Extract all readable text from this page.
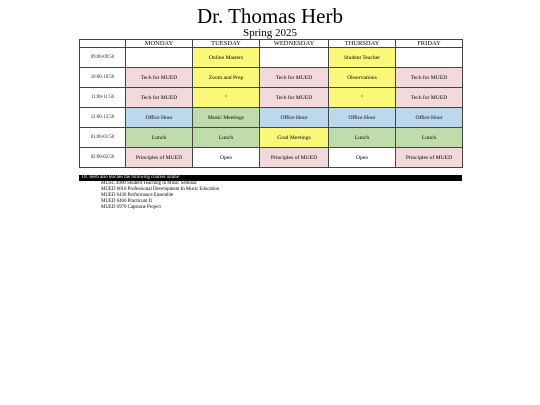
Dr. Thomas Herb
Spring 2025
	MONDAY	TUESDAY	WEDNESDAY	THURSDAY	FRIDAY
09:00-09:50		Online Masters		Student Teacher	
10:00-10:50	Tech for MUED	Zoom and Prep	Tech for MUED	Observations	Tech for MUED
11:00-11:50	Tech for MUED	"	Tech for MUED	"	Tech for MUED
12:00-12:50	Office Hour	Music Meetings	Office Hour	Office Hour	Office Hour
01:00-01:50	Lunch	Lunch	Grad Meetings	Lunch	Lunch
02:00-02:50	Principles of MUED	Open	Principles of MUED	Open	Principles of MUED
Dr. Herb also teaches the following courses online:
MUSC 4900 Student Teaching in Music Seminar
MUED 6010 Professional Development In Music Education
MUED 6430 Performance Ensemble
MUED 6460 Practicum II
MUED 6970 Capstone Project
